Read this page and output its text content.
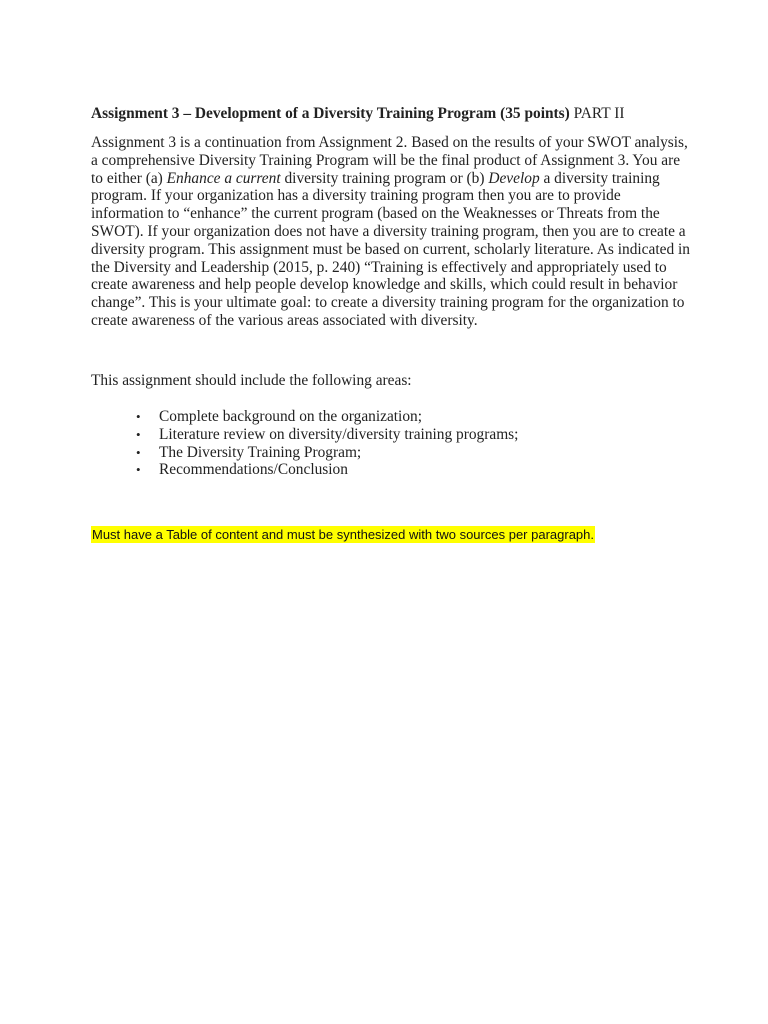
Assignment 3 – Development of a Diversity Training Program (35 points) PART II
Assignment 3 is a continuation from Assignment 2. Based on the results of your SWOT analysis,
a comprehensive Diversity Training Program will be the final product of Assignment 3. You are
to either (a) Enhance a current diversity training program or (b) Develop a diversity training
program. If your organization has a diversity training program then you are to provide
information to “enhance” the current program (based on the Weaknesses or Threats from the
SWOT). If your organization does not have a diversity training program, then you are to create a
diversity program. This assignment must be based on current, scholarly literature. As indicated in
the Diversity and Leadership (2015, p. 240) “Training is effectively and appropriately used to
create awareness and help people develop knowledge and skills, which could result in behavior
change”. This is your ultimate goal: to create a diversity training program for the organization to
create awareness of the various areas associated with diversity.
This assignment should include the following areas:
• Complete background on the organization;
• Literature review on diversity/diversity training programs;
• The Diversity Training Program;
• Recommendations/Conclusion
Must have a Table of content and must be synthesized with two sources per paragraph.
